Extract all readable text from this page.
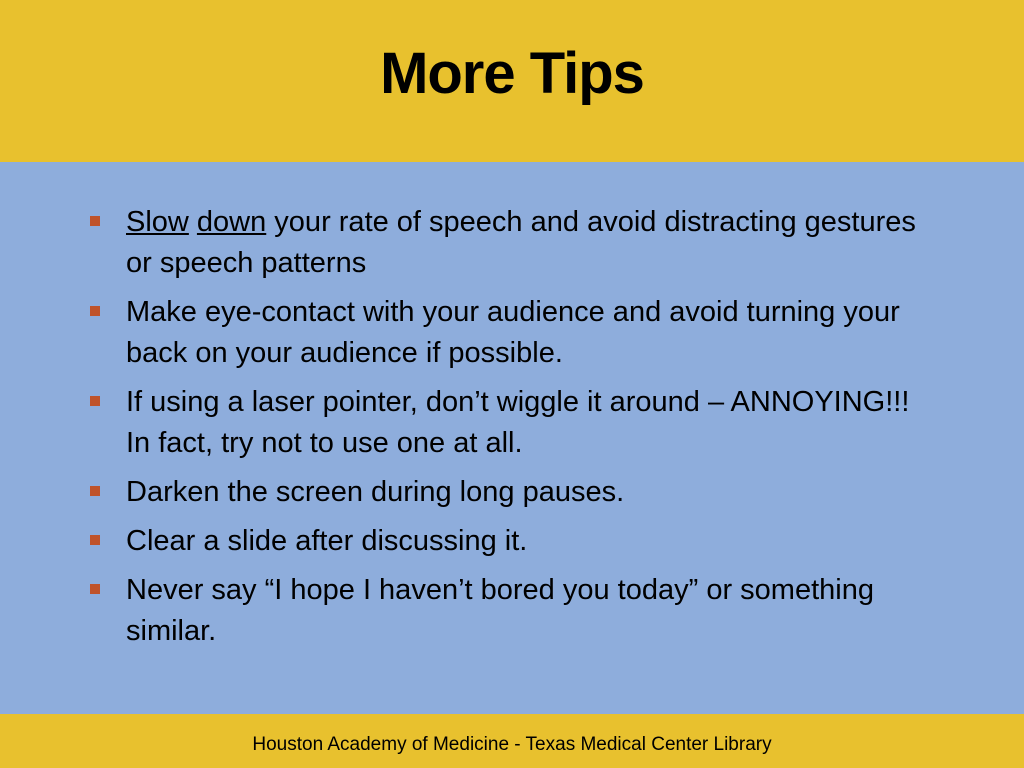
More Tips
Slow down your rate of speech and avoid distracting gestures or speech patterns
Make eye-contact with your audience and avoid turning your back on your audience if possible.
If using a laser pointer, don’t wiggle it around – ANNOYING!!! In fact, try not to use one at all.
Darken the screen during long pauses.
Clear a slide after discussing it.
Never say “I hope I haven’t bored you today” or something similar.
Houston Academy of Medicine - Texas Medical Center Library
